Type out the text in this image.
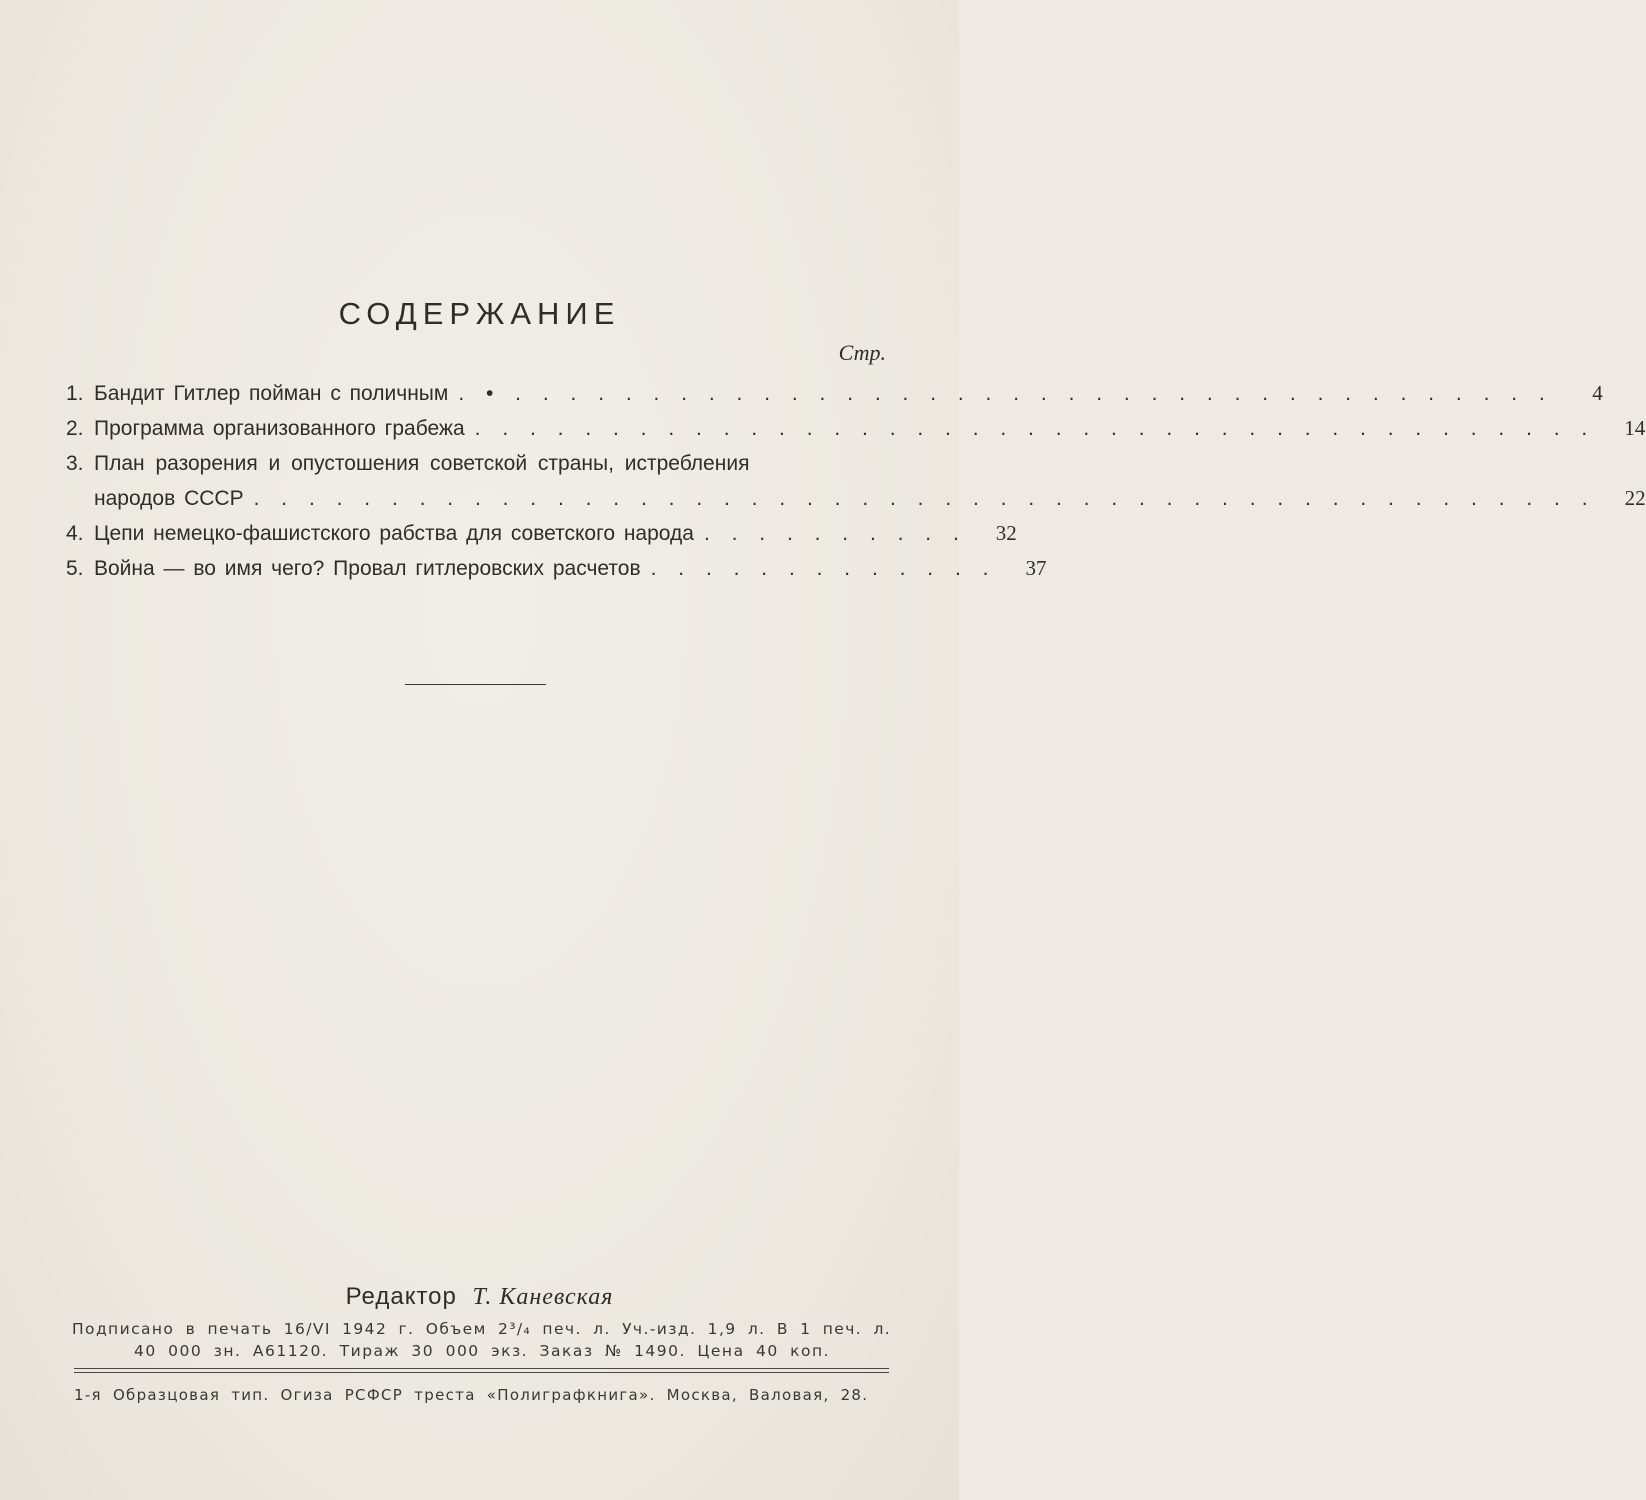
СОДЕРЖАНИЕ
Стр.
1. Бандит Гитлер пойман с поличным . • . . . . . . . . . . . . . . . . . . . . . . . . . . . . . . . . . . . . . .	4
2. Программа организованного грабежа . . . . . . . . . . . . . . . . . . . . . . . . . . . . . . . . . . . . . . . . .	14
3. План разорения и опустошения советской страны, истребления
народов СССР . . . . . . . . . . . . . . . . . . . . . . . . . . . . . . . . . . . . . . . . . . . . . . . . .	22
4. Цепи немецко-фашистского рабства для советского народа . . . . . . . . . .	32
5. Война — во имя чего? Провал гитлеровских расчетов . . . . . . . . . . . . .	37
Редактор Т. Каневская
Подписано в печать 16/VI 1942 г. Объем 2³/₄ печ. л. Уч.-изд. 1,9 л. В 1 печ. л.
40 000 зн. А61120. Тираж 30 000 экз. Заказ № 1490. Цена 40 коп.
1-я Образцовая тип. Огиза РСФСР треста «Полиграфкнига». Москва, Валовая, 28.
